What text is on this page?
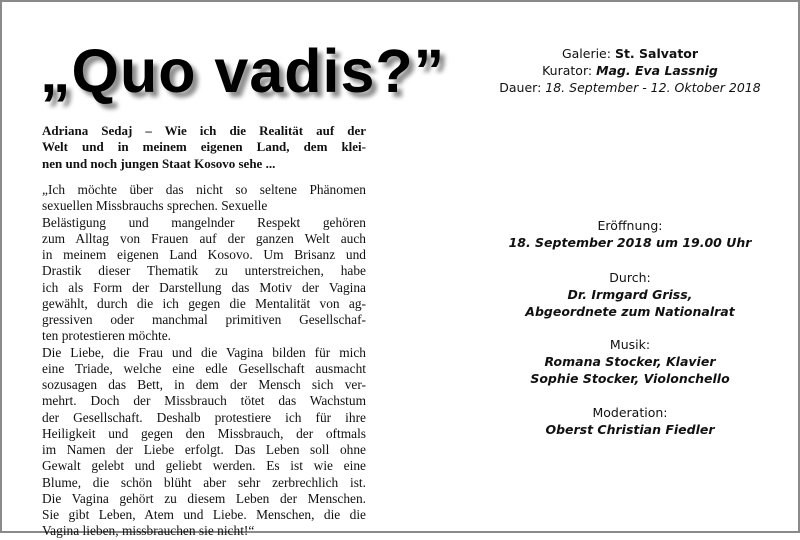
„Quo vadis?”
Adriana Sedaj – Wie ich die Realität auf der
Welt und in meinem eigenen Land, dem klei-
nen und noch jungen Staat Kosovo sehe ...
„Ich möchte über das nicht so seltene Phänomen
sexuellen Missbrauchs sprechen. Sexuelle
Belästigung und mangelnder Respekt gehören
zum Alltag von Frauen auf der ganzen Welt auch
in meinem eigenen Land Kosovo. Um Brisanz und
Drastik dieser Thematik zu unterstreichen, habe
ich als Form der Darstellung das Motiv der Vagina
gewählt, durch die ich gegen die Mentalität von ag-
gressiven oder manchmal primitiven Gesellschaf-
ten protestieren möchte.
Die Liebe, die Frau und die Vagina bilden für mich
eine Triade, welche eine edle Gesellschaft ausmacht
sozusagen das Bett, in dem der Mensch sich ver-
mehrt. Doch der Missbrauch tötet das Wachstum
der Gesellschaft. Deshalb protestiere ich für ihre
Heiligkeit und gegen den Missbrauch, der oftmals
im Namen der Liebe erfolgt. Das Leben soll ohne
Gewalt gelebt und geliebt werden. Es ist wie eine
Blume, die schön blüht aber sehr zerbrechlich ist.
Die Vagina gehört zu diesem Leben der Menschen.
Sie gibt Leben, Atem und Liebe. Menschen, die die
Vagina lieben, missbrauchen sie nicht!“
Galerie: St. Salvator
Kurator: Mag. Eva Lassnig
Dauer: 18. September - 12. Oktober 2018
Eröffnung:
18. September 2018 um 19.00 Uhr
Durch:
Dr. Irmgard Griss,
Abgeordnete zum Nationalrat
Musik:
Romana Stocker, Klavier
Sophie Stocker, Violonchello
Moderation:
Oberst Christian Fiedler
